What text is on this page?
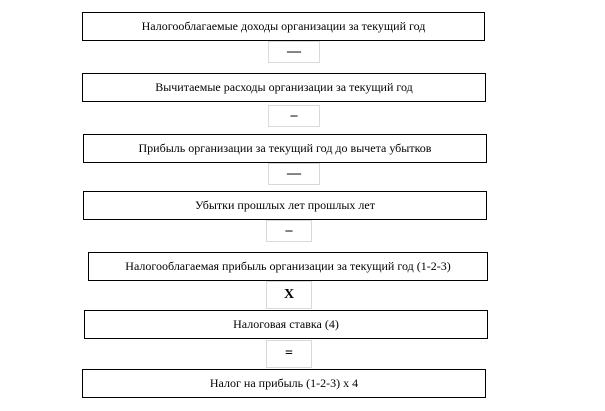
Налогооблагаемые доходы организации за текущий год
—
Вычитаемые расходы организации за текущий год
–
Прибыль организации за текущий год до вычета убытков
—
Убытки прошлых лет прошлых лет
–
Налогооблагаемая прибыль организации за текущий год (1-2-3)
Х
Налоговая ставка (4)
=
Налог на прибыль (1-2-3) х 4
